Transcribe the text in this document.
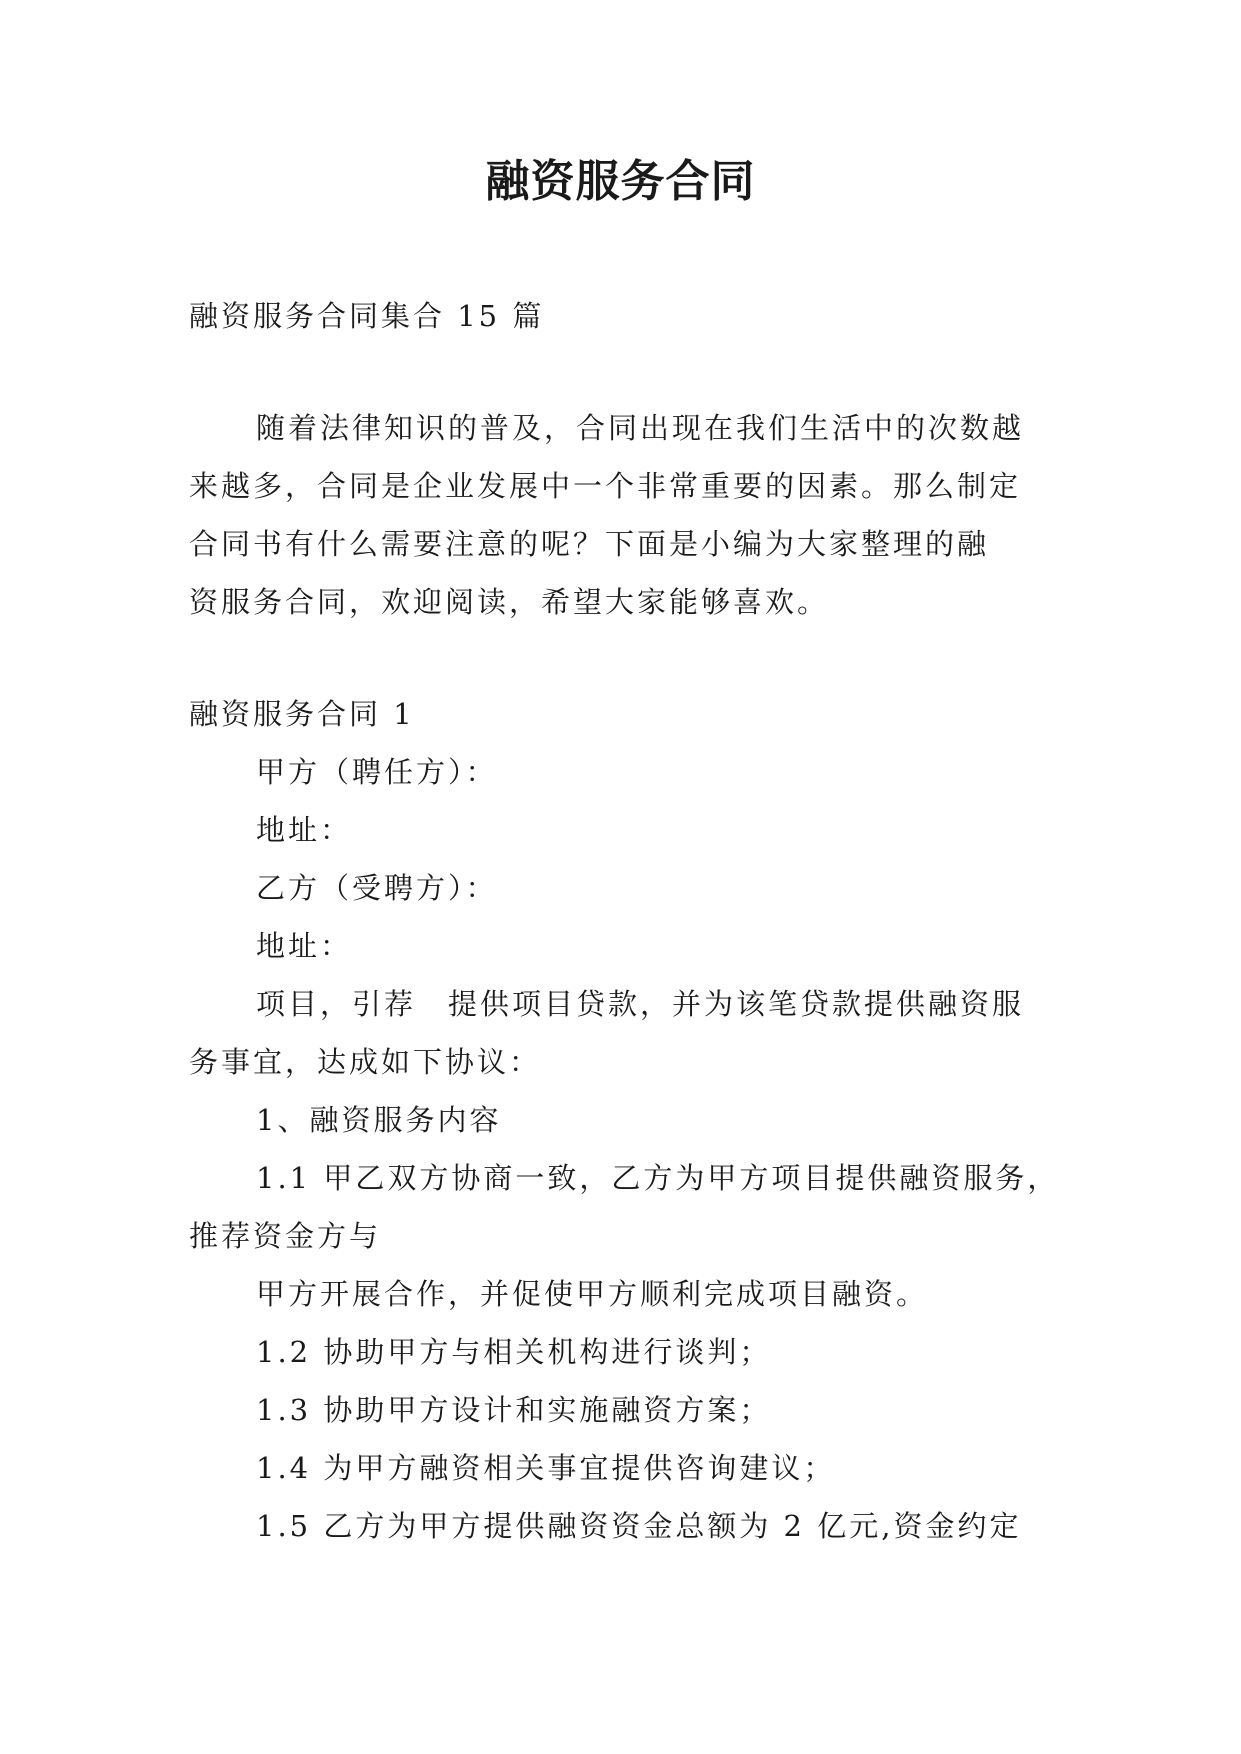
融资服务合同
融资服务合同集合 15 篇
随着法律知识的普及，合同出现在我们生活中的次数越
来越多，合同是企业发展中一个非常重要的因素。那么制定
合同书有什么需要注意的呢？下面是小编为大家整理的融
资服务合同，欢迎阅读，希望大家能够喜欢。
融资服务合同 1
甲方（聘任方）：
地址：
乙方（受聘方）：
地址：
项目，引荐　提供项目贷款，并为该笔贷款提供融资服
务事宜，达成如下协议：
1、融资服务内容
1.1 甲乙双方协商一致，乙方为甲方项目提供融资服务，
推荐资金方与
甲方开展合作，并促使甲方顺利完成项目融资。
1.2 协助甲方与相关机构进行谈判；
1.3 协助甲方设计和实施融资方案；
1.4 为甲方融资相关事宜提供咨询建议；
1.5 乙方为甲方提供融资资金总额为 2 亿元,资金约定
